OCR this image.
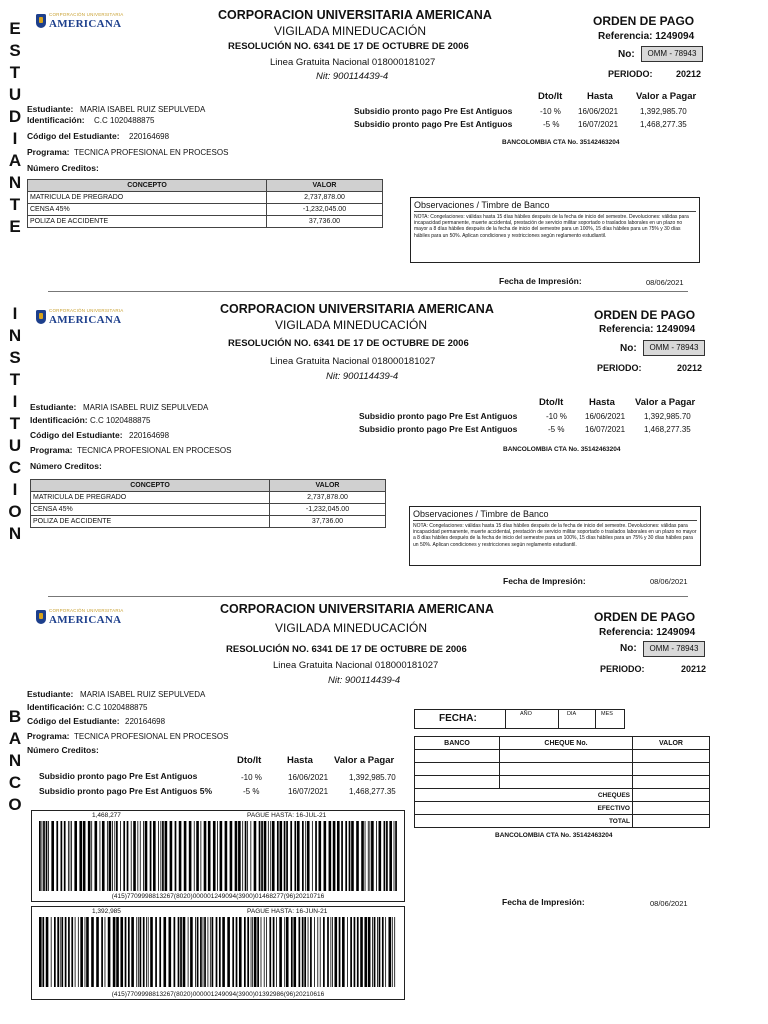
E
S
T
U
D
I
A
N
T
E
I
N
S
T
I
T
U
C
I
O
N
B
A
N
C
O
CORPORACIÓN UNIVERSITARIA
AMERICANA
CORPORACION UNIVERSITARIA AMERICANA
VIGILADA MINEDUCACIÓN
RESOLUCIÓN NO. 6341 DE 17 DE OCTUBRE DE 2006
Linea Gratuita Nacional 018000181027
Nit: 900114439-4
ORDEN DE PAGO
Referencia: 1249094
No:	OMM - 78943
PERIODO:	20212
Estudiante: MARIA ISABEL RUIZ SEPULVEDA
Identificación: C.C 1020488875
Código del Estudiante: 220164698
Programa: TECNICA PROFESIONAL EN PROCESOS
Número Creditos:
Dto/It	Hasta Valor a Pagar
Subsidio pronto pago Pre Est Antiguos	-10 % 16/06/2021	1,392,985.70
Subsidio pronto pago Pre Est Antiguos	-5 % 16/07/2021	1,468,277.35
BANCOLOMBIA CTA No. 35142463204
CONCEPTO	VALOR
MATRICULA DE PREGRADO	2,737,878.00
CENSA 45%	-1,232,045.00
POLIZA DE ACCIDENTE	37,736.00
Observaciones / Timbre de Banco
NOTA: Congelaciones: válidas hasta 15 días hábiles después de la fecha de inicio del semestre. Devoluciones: válidas para incapacidad permanente, muerte accidental, prestación de servicio militar soportado o traslados laborales en un plazo no mayor a 8 días hábiles después de la fecha de inicio del semestre para un 100%, 15 días hábiles para un 75% y 30 días hábiles para un 50%. Aplican condiciones y restricciones según reglamento estudiantil.
Fecha de Impresión:	08/06/2021
CORPORACIÓN UNIVERSITARIA
AMERICANA
CORPORACION UNIVERSITARIA AMERICANA
VIGILADA MINEDUCACIÓN
RESOLUCIÓN NO. 6341 DE 17 DE OCTUBRE DE 2006
Linea Gratuita Nacional 018000181027
Nit: 900114439-4
ORDEN DE PAGO
Referencia: 1249094
No:	OMM - 78943
PERIODO:	20212
Estudiante: MARIA ISABEL RUIZ SEPULVEDA
Identificación: C.C 1020488875
Código del Estudiante: 220164698
Programa: TECNICA PROFESIONAL EN PROCESOS
Número Creditos:
Dto/It	Hasta Valor a Pagar
Subsidio pronto pago Pre Est Antiguos	-10 % 16/06/2021 1,392,985.70
Subsidio pronto pago Pre Est Antiguos	-5 %	16/07/2021 1,468,277.35
BANCOLOMBIA CTA No. 35142463204
CONCEPTO	VALOR
MATRICULA DE PREGRADO	2,737,878.00
CENSA 45%	-1,232,045.00
POLIZA DE ACCIDENTE	37,736.00
Observaciones / Timbre de Banco
NOTA: Congelaciones: válidas hasta 15 días hábiles después de la fecha de inicio del semestre. Devoluciones: válidas para incapacidad permanente, muerte accidental, prestación de servicio militar soportado o traslados laborales en un plazo no mayor a 8 días hábiles después de la fecha de inicio del semestre para un 100%, 15 días hábiles para un 75% y 30 días hábiles para un 50%. Aplican condiciones y restricciones según reglamento estudiantil.
Fecha de Impresión:	08/06/2021
CORPORACIÓN UNIVERSITARIA
AMERICANA
CORPORACION UNIVERSITARIA AMERICANA
VIGILADA MINEDUCACIÓN
RESOLUCIÓN NO. 6341 DE 17 DE OCTUBRE DE 2006
Linea Gratuita Nacional 018000181027
Nit: 900114439-4
ORDEN DE PAGO
Referencia: 1249094
No:	OMM - 78943
PERIODO:	20212
Estudiante: MARIA ISABEL RUIZ SEPULVEDA
Identificación: C.C 1020488875
Código del Estudiante: 220164698
Programa: TECNICA PROFESIONAL EN PROCESOS
Número Creditos:
Dto/It	Hasta Valor a Pagar
Subsidio pronto pago Pre Est Antiguos	-10 %	16/06/2021	1,392,985.70
Subsidio pronto pago Pre Est Antiguos 5%	-5 %	16/07/2021	1,468,277.35
FECHA:	AÑO	DIA	MES
BANCO	CHEQUE No.	VALOR

CHEQUES		
EFECTIVO		
TOTAL		
BANCOLOMBIA CTA No. 35142463204
Fecha de Impresión:	08/06/2021
1,468,277	PAGUE HASTA: 16-JUL-21
(415)7709998813267(8020)000001249094(3900)01468277(96)20210716
1,392,985	PAGUE HASTA: 16-JUN-21
(415)7709998813267(8020)000001249094(3900)01392986(96)20210616
